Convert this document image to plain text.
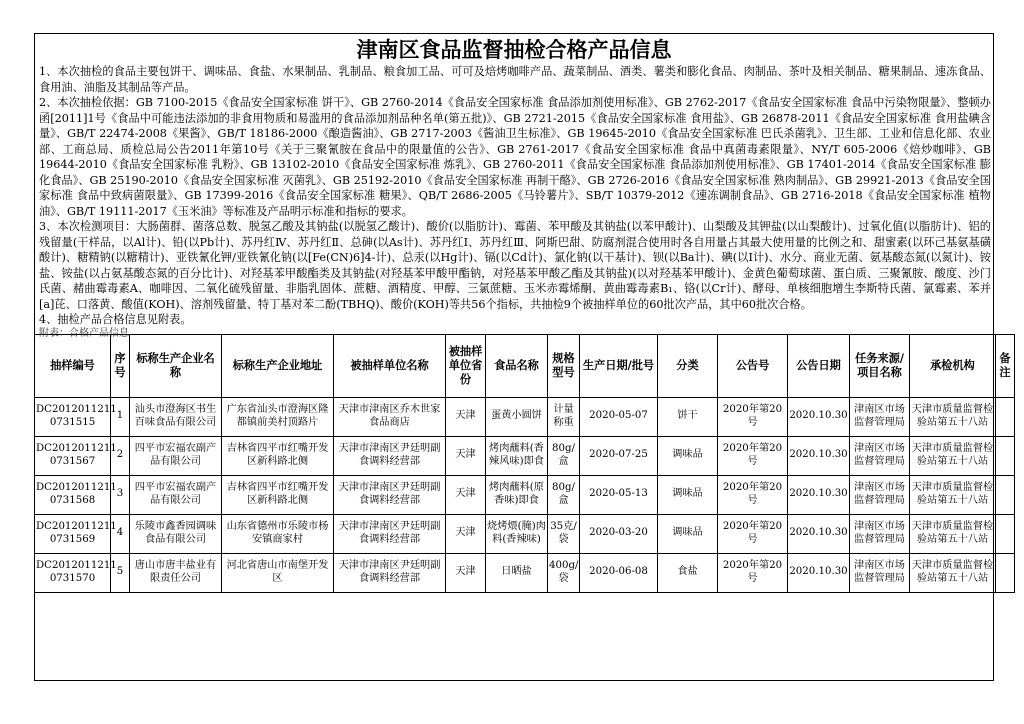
津南区食品监督抽检合格产品信息

1、本次抽检的食品主要包饼干、调味品、食盐、水果制品、乳制品、粮食加工品、可可及焙烤咖啡产品、蔬菜制品、酒类、薯类和膨化食品、肉制品、茶叶及相关制品、糖果制品、速冻食品、食用油、油脂及其制品等产品。

2、本次抽检依据：GB 7100-2015《食品安全国家标准 饼干》、GB 2760-2014《食品安全国家标准 食品添加剂使用标准》、GB 2762-2017《食品安全国家标准 食品中污染物限量》、整顿办函[2011]1号《食品中可能违法添加的非食用物质和易滥用的食品添加剂品种名单(第五批)》、GB 2721-2015《食品安全国家标准 食用盐》、GB 26878-2011《食品安全国家标准 食用盐碘含量》、GB/T 22474-2008《果酱》、GB/T 18186-2000《酿造酱油》、GB 2717-2003《酱油卫生标准》、GB 19645-2010《食品安全国家标准 巴氏杀菌乳》、卫生部、工业和信息化部、农业部、工商总局、质检总局公告2011年第10号《关于三聚氰胺在食品中的限量值的公告》、GB 2761-2017《食品安全国家标准 食品中真菌毒素限量》、NY/T 605-2006《焙炒咖啡》、GB 19644-2010《食品安全国家标准 乳粉》、GB 13102-2010《食品安全国家标准 炼乳》、GB 2760-2011《食品安全国家标准 食品添加剂使用标准》、GB 17401-2014《食品安全国家标准 膨化食品》、GB 25190-2010《食品安全国家标准 灭菌乳》、GB 25192-2010《食品安全国家标准 再制干酪》、GB 2726-2016《食品安全国家标准 熟肉制品》、GB 29921-2013《食品安全国家标准 食品中致病菌限量》、GB 17399-2016《食品安全国家标准 糖果》、QB/T 2686-2005《马铃薯片》、SB/T 10379-2012《速冻调制食品》、GB 2716-2018《食品安全国家标准 植物油》、GB/T 19111-2017《玉米油》等标准及产品明示标准和指标的要求。

3、本次检测项目：大肠菌群、菌落总数、脱氢乙酸及其钠盐(以脱氢乙酸计)、酸价(以脂肪计)、霉菌、苯甲酸及其钠盐(以苯甲酸计)、山梨酸及其钾盐(以山梨酸计)、过氧化值(以脂肪计)、铝的残留量(干样品，以Al计)、铅(以Pb计)、苏丹红Ⅳ、苏丹红Ⅱ、总砷(以As计)、苏丹红Ⅰ、苏丹红Ⅲ、阿斯巴甜、防腐剂混合使用时各自用量占其最大使用量的比例之和、甜蜜素(以环己基氨基磺酸计)、糖精钠(以糖精计)、亚铁氰化钾/亚铁氰化钠(以[Fe(CN)6]4-计)、总汞(以Hg计)、镉(以Cd计)、氯化钠(以干基计)、钡(以Ba计)、碘(以I计)、水分、商业无菌、氨基酸态氮(以氮计)、铵盐、铵盐(以占氨基酸态氮的百分比计)、对羟基苯甲酸酯类及其钠盐(对羟基苯甲酸甲酯钠，对羟基苯甲酸乙酯及其钠盐)(以对羟基苯甲酸计)、金黄色葡萄球菌、蛋白质、三聚氰胺、酸度、沙门氏菌、赭曲霉毒素A、咖啡因、二氧化硫残留量、非脂乳固体、蔗糖、酒精度、甲醇、三氯蔗糖、玉米赤霉烯酮、黄曲霉毒素B₁、铬(以Cr计)、酵母、单核细胞增生李斯特氏菌、氯霉素、苯并[a]芘、口落黄、酸值(KOH)、溶剂残留量、特丁基对苯二酚(TBHQ)、酸价(KOH)等共56个指标，共抽检9个被抽样单位的60批次产品，其中60批次合格。

4、抽检产品合格信息见附表。

附表：合格产品信息
抽样编号	序号	标称生产企业名称	标称生产企业地址	被抽样单位名称	被抽样单位省份	食品名称	规格型号	生产日期/批号	分类	公告号	公告日期	任务来源/项目名称	承检机构	备注

DC2012011211 0731515	1	汕头市澄海区书生百味食品有限公司	广东省汕头市澄海区隆都镇前美村顶路片	天津市津南区乔木世家食品商店	天津	蛋黄小圆饼	计量称重	2020-05-07	饼干	2020年第20号	2020.10.30	津南区市场监督管理局	天津市质量监督检验站第五十八站	

DC2012011211 0731567	2	四平市宏福农副产品有限公司	吉林省四平市红嘴开发区新科路北侧	天津市津南区尹廷明副食调料经营部	天津	烤肉蘸料(香辣风味)即食	80g/盒	2020-07-25	调味品	2020年第20号	2020.10.30	津南区市场监督管理局	天津市质量监督检验站第五十八站	

DC2012011211 0731568	3	四平市宏福农副产品有限公司	吉林省四平市红嘴开发区新科路北侧	天津市津南区尹廷明副食调料经营部	天津	烤肉蘸料(原香味)即食	80g/盒	2020-05-13	调味品	2020年第20号	2020.10.30	津南区市场监督管理局	天津市质量监督检验站第五十八站	

DC2012011211 0731569	4	乐陵市鑫香园调味食品有限公司	山东省德州市乐陵市杨安镇商家村	天津市津南区尹廷明副食调料经营部	天津	烧烤煨(腌)肉料(香辣味)	35克/袋	2020-03-20	调味品	2020年第20号	2020.10.30	津南区市场监督管理局	天津市质量监督检验站第五十八站	

DC2012011211 0731570	5	唐山市唐丰盐业有限责任公司	河北省唐山市南堡开发区	天津市津南区尹廷明副食调料经营部	天津	日晒盐	400g/袋	2020-06-08	食盐	2020年第20号	2020.10.30	津南区市场监督管理局	天津市质量监督检验站第五十八站	
